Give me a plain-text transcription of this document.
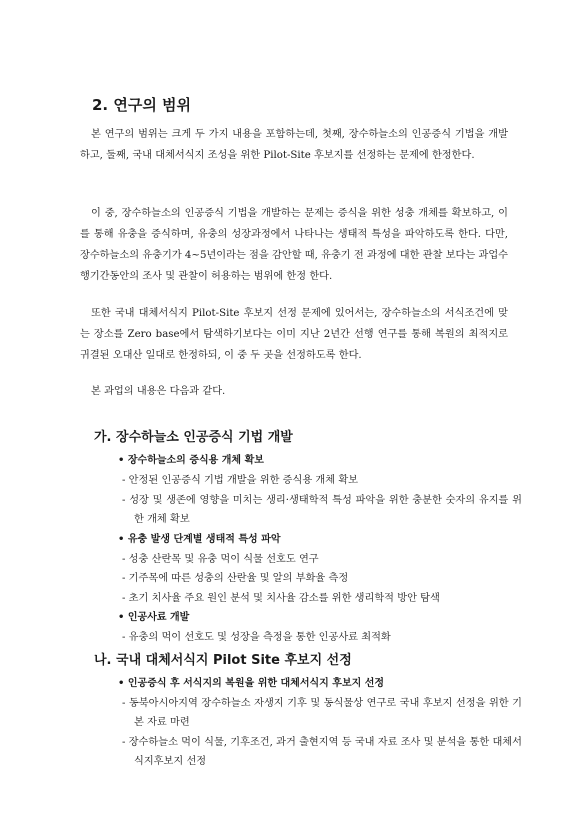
2. 연구의 범위

본 연구의 범위는 크게 두 가지 내용을 포함하는데, 첫째, 장수하늘소의 인공증식 기법을 개발하고, 둘째, 국내 대체서식지 조성을 위한 Pilot-Site 후보지를 선정하는 문제에 한정한다.

이 중, 장수하늘소의 인공증식 기법을 개발하는 문제는 증식을 위한 성충 개체를 확보하고, 이를 통해 유충을 증식하며, 유충의 성장과정에서 나타나는 생태적 특성을 파악하도록 한다. 다만, 장수하늘소의 유충기가 4~5년이라는 점을 감안할 때, 유충기 전 과정에 대한 관찰 보다는 과업수행기간동안의 조사 및 관찰이 허용하는 범위에 한정 한다.

또한 국내 대체서식지 Pilot-Site 후보지 선정 문제에 있어서는, 장수하늘소의 서식조건에 맞는 장소를 Zero base에서 탐색하기보다는 이미 지난 2년간 선행 연구를 통해 복원의 최적지로 귀결된 오대산 일대로 한정하되, 이 중 두 곳을 선정하도록 한다.

본 과업의 내용은 다음과 같다.

가. 장수하늘소 인공증식 기법 개발
• 장수하늘소의 증식용 개체 확보
- 안정된 인공증식 기법 개발을 위한 증식용 개체 확보
- 성장 및 생존에 영향을 미치는 생리·생태학적 특성 파악을 위한 충분한 숫자의 유지를 위한 개체 확보
• 유충 발생 단계별 생태적 특성 파악
- 성충 산란목 및 유충 먹이 식물 선호도 연구
- 기주목에 따른 성충의 산란율 및 알의 부화율 측정
- 초기 치사율 주요 원인 분석 및 치사율 감소를 위한 생리학적 방안 탐색
• 인공사료 개발
- 유충의 먹이 선호도 및 성장을 측정을 통한 인공사료 최적화
나. 국내 대체서식지 Pilot Site 후보지 선정
• 인공증식 후 서식지의 복원을 위한 대체서식지 후보지 선정
- 동북아시아지역 장수하늘소 자생지 기후 및 동식물상 연구로 국내 후보지 선정을 위한 기본 자료 마련
- 장수하늘소 먹이 식물, 기후조건, 과거 출현지역 등 국내 자료 조사 및 분석을 통한 대체서식지후보지 선정
